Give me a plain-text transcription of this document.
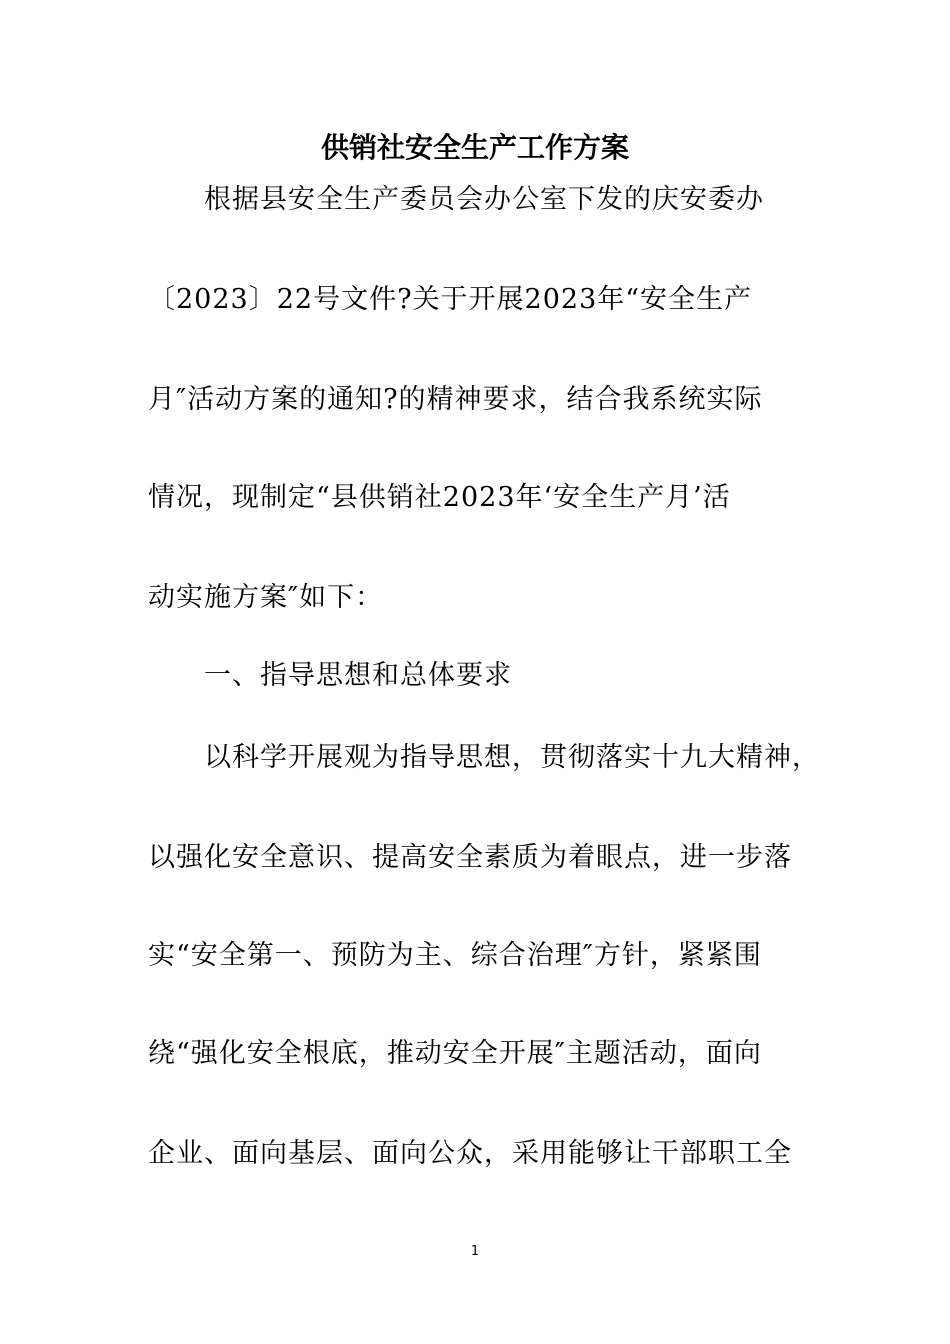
供销社安全生产工作方案
　　根据县安全生产委员会办公室下发的庆安委办
〔2023〕22号文件?关于开展2023年“安全生产
月″活动方案的通知?的精神要求，结合我系统实际
情况，现制定“县供销社2023年‘安全生产月’活
动实施方案″如下：
　　一、指导思想和总体要求
　　以科学开展观为指导思想，贯彻落实十九大精神，
以强化安全意识、提高安全素质为着眼点，进一步落
实“安全第一、预防为主、综合治理″方针，紧紧围
绕“强化安全根底，推动安全开展″主题活动，面向
企业、面向基层、面向公众，采用能够让干部职工全
1
